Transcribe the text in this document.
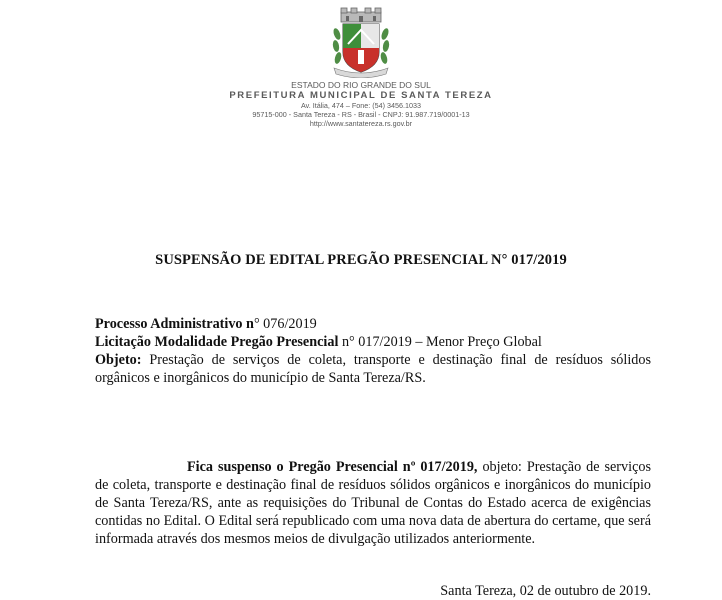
ESTADO DO RIO GRANDE DO SUL
PREFEITURA MUNICIPAL DE SANTA TEREZA
Av. Itália, 474 – Fone: (54) 3456.1033
95715-000 - Santa Tereza - RS - Brasil - CNPJ: 91.987.719/0001-13
http://www.santatereza.rs.gov.br
SUSPENSÃO DE EDITAL PREGÃO PRESENCIAL N° 017/2019

Processo Administrativo n° 076/2019

Licitação Modalidade Pregão Presencial n° 017/2019 – Menor Preço Global

Objeto: Prestação de serviços de coleta, transporte e destinação final de resíduos sólidos orgânicos e inorgânicos do município de Santa Tereza/RS.

Fica suspenso o Pregão Presencial nº 017/2019, objeto: Prestação de serviços de coleta, transporte e destinação final de resíduos sólidos orgânicos e inorgânicos do município de Santa Tereza/RS, ante as requisições do Tribunal de Contas do Estado acerca de exigências contidas no Edital. O Edital será republicado com uma nova data de abertura do certame, que será informada através dos mesmos meios de divulgação utilizados anteriormente.

Santa Tereza, 02 de outubro de 2019.
